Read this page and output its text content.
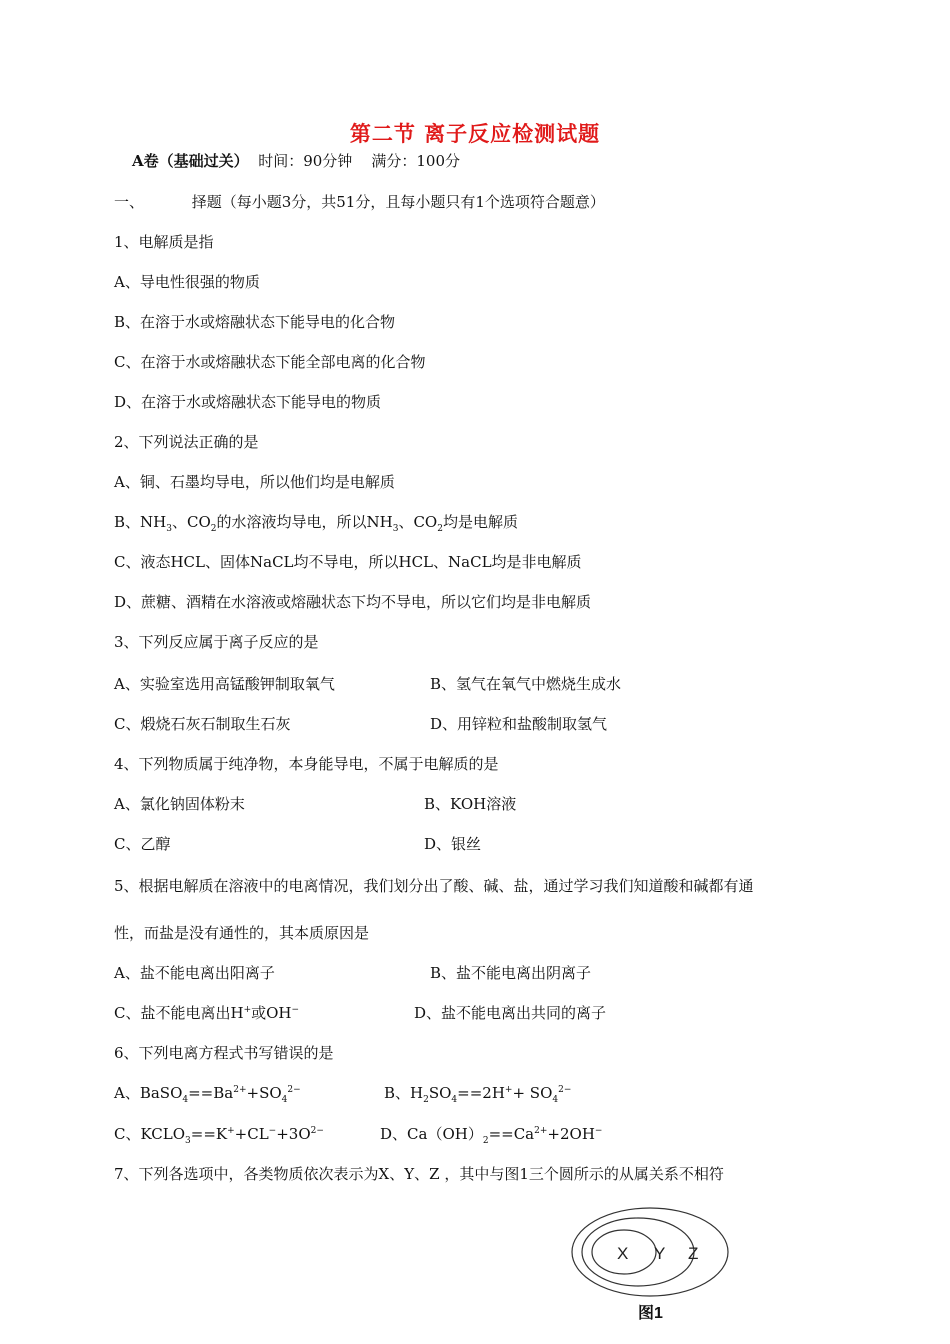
第二节 离子反应检测试题
A卷（基础过关） 时间：90分钟 满分：100分
一、	择题（每小题3分，共51分，且每小题只有1个选项符合题意）
1、电解质是指
A、导电性很强的物质
B、在溶于水或熔融状态下能导电的化合物
C、在溶于水或熔融状态下能全部电离的化合物
D、在溶于水或熔融状态下能导电的物质
2、下列说法正确的是
A、铜、石墨均导电，所以他们均是电解质
B、$NH_3$、$CO_2$的水溶液均导电，所以$NH_3$、$CO_2$均是电解质
C、液态HCL、固体NaCL均不导电，所以HCL、NaCL均是非电解质
D、蔗糖、酒精在水溶液或熔融状态下均不导电，所以它们均是非电解质
3、下列反应属于离子反应的是
A、实验室选用高锰酸钾制取氧气	B、氢气在氧气中燃烧生成水
C、煅烧石灰石制取生石灰	D、用锌粒和盐酸制取氢气
4、下列物质属于纯净物，本身能导电，不属于电解质的是
A、氯化钠固体粉末	B、KOH溶液
C、乙醇	D、银丝
5、根据电解质在溶液中的电离情况，我们划分出了酸、碱、盐，通过学习我们知道酸和碱都有通
性，而盐是没有通性的，其本质原因是
A、盐不能电离出阳离子	B、盐不能电离出阴离子
C、盐不能电离出H+或OH−	D、盐不能电离出共同的离子
6、下列电离方程式书写错误的是
A、$BaSO_4==Ba^{2+}+SO_4^{2-}$	B、$H_2SO_4==2H^++ SO_4^{2-}$
C、$KCLO_3==K^++CL^-+3O^{2-}$	D、$Ca(OH)_2==Ca^{2+}+2OH^-$
7、下列各选项中，各类物质依次表示为X、Y、Z ，其中与图1三个圆所示的从属关系不相符
X Y Z
图1
